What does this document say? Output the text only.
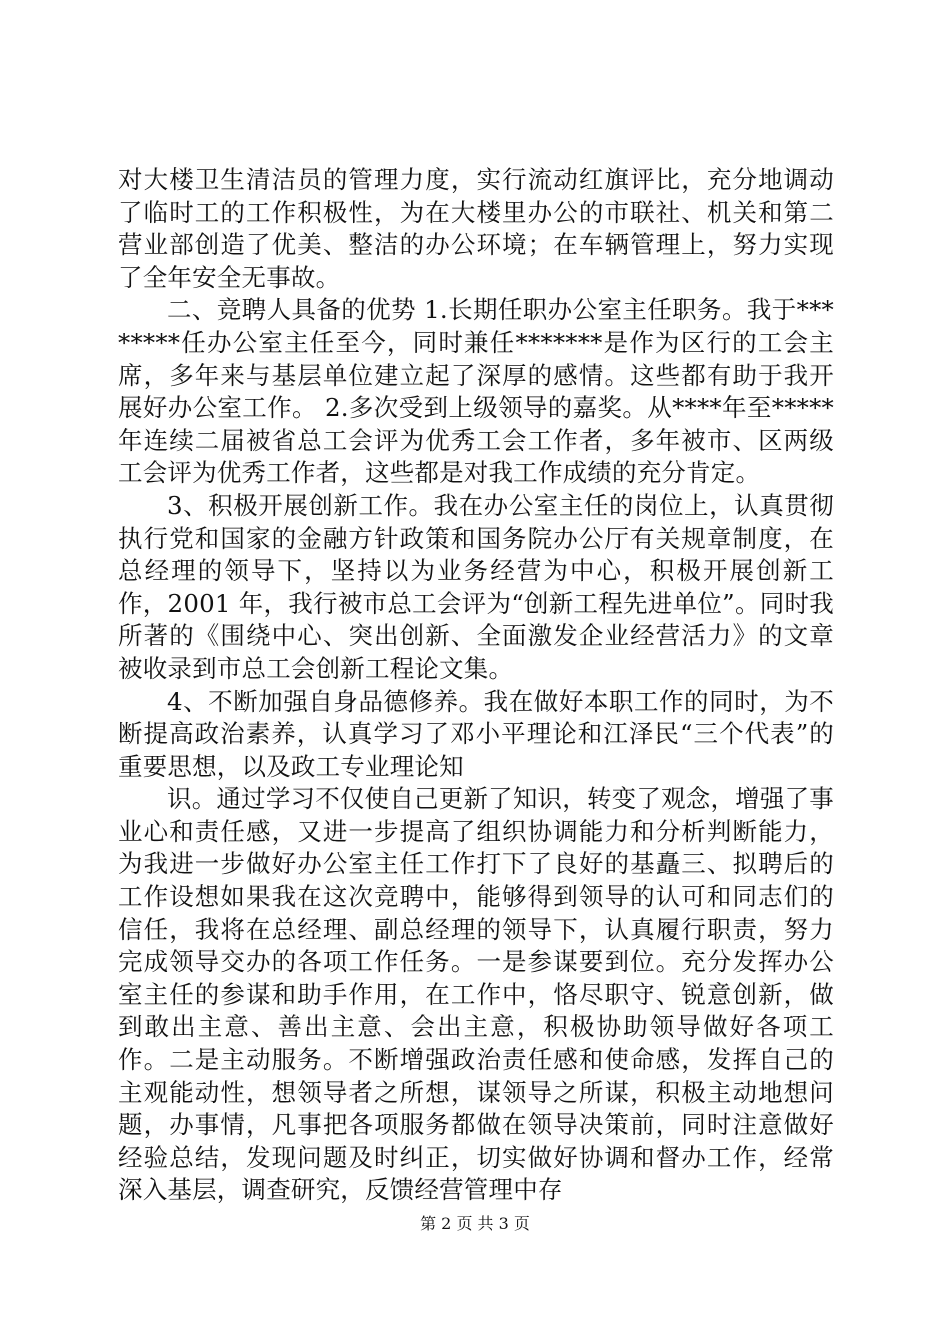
对大楼卫生清洁员的管理力度，实行流动红旗评比，充分地调动了临时工的工作积极性，为在大楼里办公的市联社、机关和第二营业部创造了优美、整洁的办公环境；在车辆管理上，努力实现了全年安全无事故。

二、竞聘人具备的优势 1.长期任职办公室主任职务。我于********任办公室主任至今，同时兼任*******是作为区行的工会主席，多年来与基层单位建立起了深厚的感情。这些都有助于我开展好办公室工作。 2.多次受到上级领导的嘉奖。从****年至*****年连续二届被省总工会评为优秀工会工作者，多年被市、区两级工会评为优秀工作者，这些都是对我工作成绩的充分肯定。

3、积极开展创新工作。我在办公室主任的岗位上，认真贯彻执行党和国家的金融方针政策和国务院办公厅有关规章制度，在总经理的领导下，坚持以为业务经营为中心，积极开展创新工作，2001 年，我行被市总工会评为“创新工程先进单位”。同时我所著的《围绕中心、突出创新、全面激发企业经营活力》的文章被收录到市总工会创新工程论文集。

4、不断加强自身品德修养。我在做好本职工作的同时，为不断提高政治素养，认真学习了邓小平理论和江泽民“三个代表”的重要思想，以及政工专业理论知

识。通过学习不仅使自己更新了知识，转变了观念，增强了事业心和责任感，又进一步提高了组织协调能力和分析判断能力，为我进一步做好办公室主任工作打下了良好的基矗三、拟聘后的工作设想如果我在这次竞聘中，能够得到领导的认可和同志们的信任，我将在总经理、副总经理的领导下，认真履行职责，努力完成领导交办的各项工作任务。一是参谋要到位。充分发挥办公室主任的参谋和助手作用，在工作中，恪尽职守、锐意创新，做到敢出主意、善出主意、会出主意，积极协助领导做好各项工作。二是主动服务。不断增强政治责任感和使命感，发挥自己的主观能动性，想领导者之所想，谋领导之所谋，积极主动地想问题，办事情，凡事把各项服务都做在领导决策前，同时注意做好经验总结，发现问题及时纠正，切实做好协调和督办工作，经常深入基层，调查研究，反馈经营管理中存

第 2 页 共 3 页
